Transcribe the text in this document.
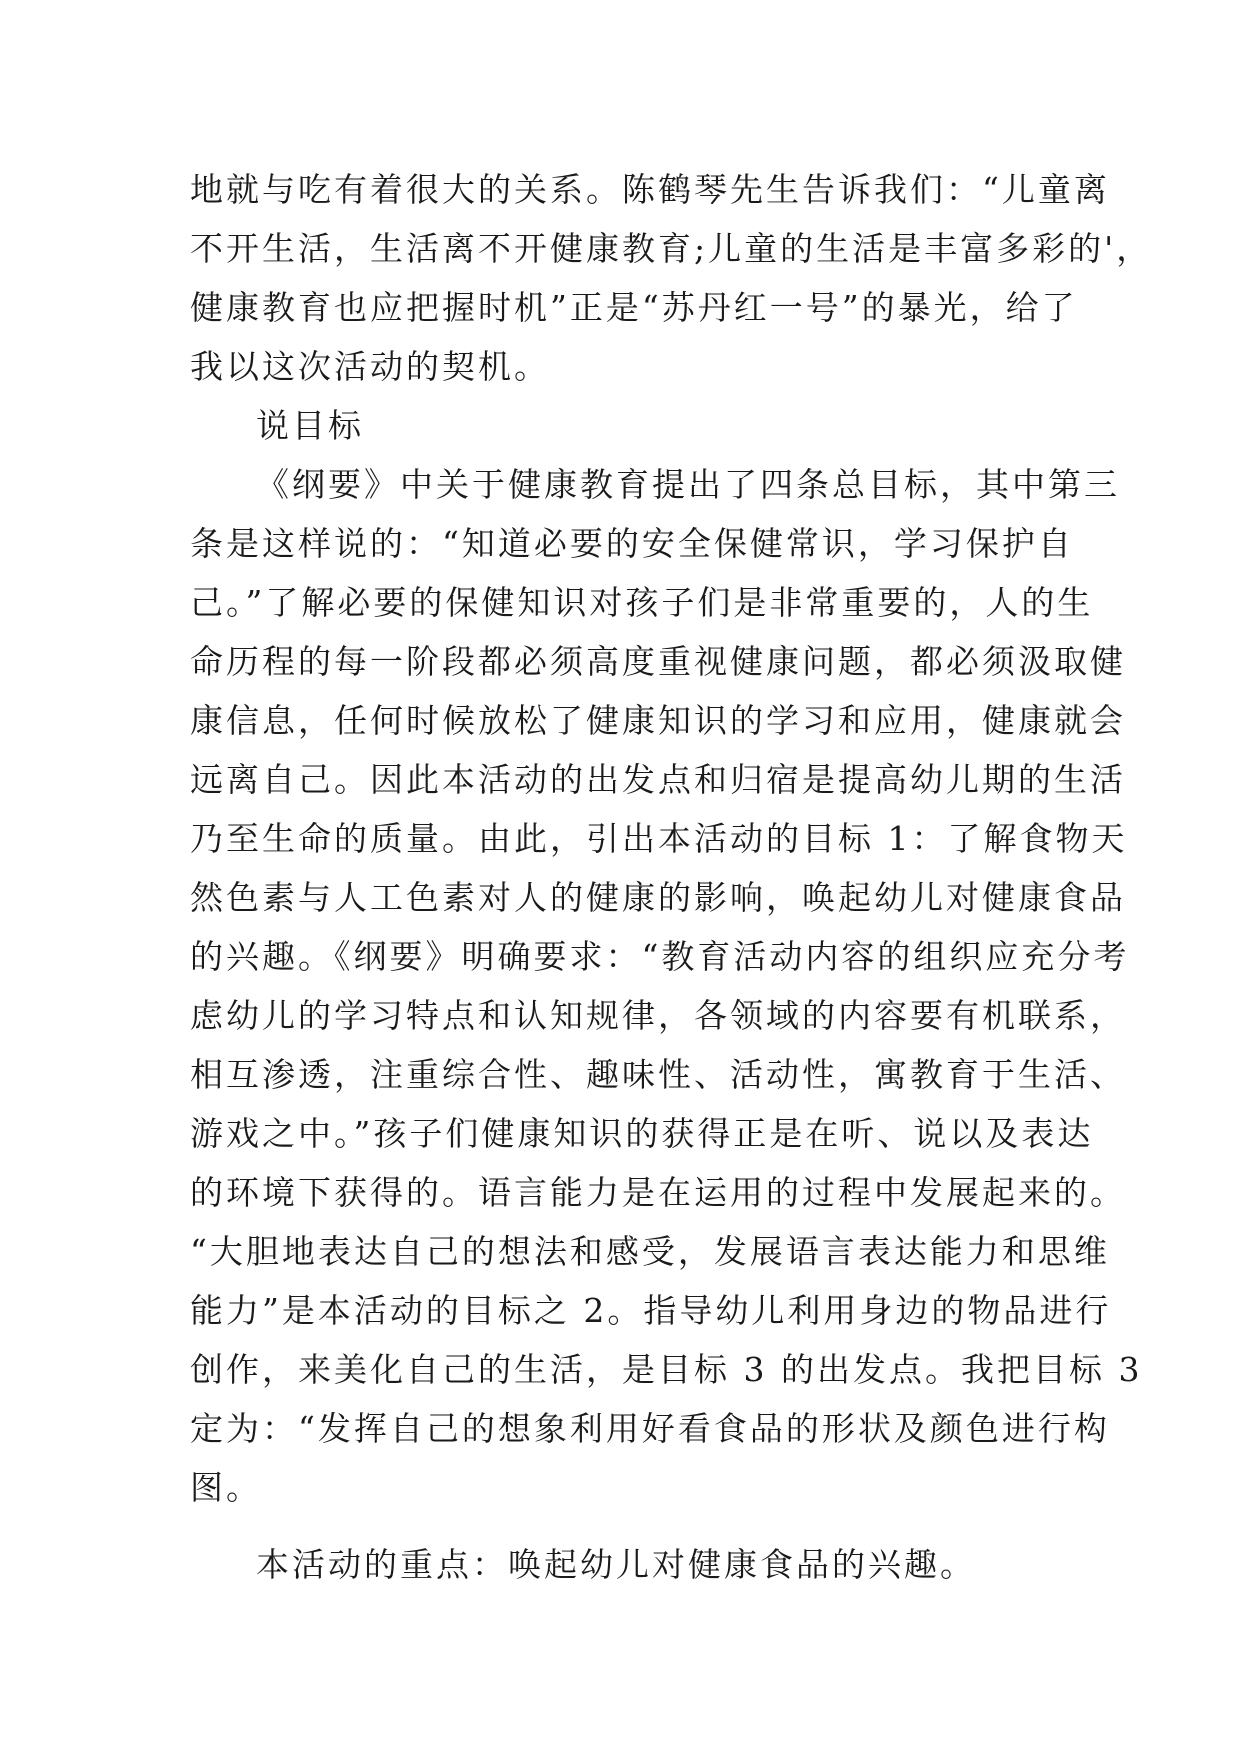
地就与吃有着很大的关系。陈鹤琴先生告诉我们：“儿童离
不开生活，生活离不开健康教育;儿童的生活是丰富多彩的'，
健康教育也应把握时机”正是“苏丹红一号”的暴光，给了
我以这次活动的契机。
说目标
《纲要》中关于健康教育提出了四条总目标，其中第三
条是这样说的：“知道必要的安全保健常识，学习保护自
己。”了解必要的保健知识对孩子们是非常重要的，人的生
命历程的每一阶段都必须高度重视健康问题，都必须汲取健
康信息，任何时候放松了健康知识的学习和应用，健康就会
远离自己。因此本活动的出发点和归宿是提高幼儿期的生活
乃至生命的质量。由此，引出本活动的目标 1：了解食物天
然色素与人工色素对人的健康的影响，唤起幼儿对健康食品
的兴趣。《纲要》明确要求：“教育活动内容的组织应充分考
虑幼儿的学习特点和认知规律，各领域的内容要有机联系，
相互渗透，注重综合性、趣味性、活动性，寓教育于生活、
游戏之中。”孩子们健康知识的获得正是在听、说以及表达
的环境下获得的。语言能力是在运用的过程中发展起来的。
“大胆地表达自己的想法和感受，发展语言表达能力和思维
能力”是本活动的目标之 2。指导幼儿利用身边的物品进行
创作，来美化自己的生活，是目标 3 的出发点。我把目标 3
定为：“发挥自己的想象利用好看食品的形状及颜色进行构
图。
本活动的重点：唤起幼儿对健康食品的兴趣。
